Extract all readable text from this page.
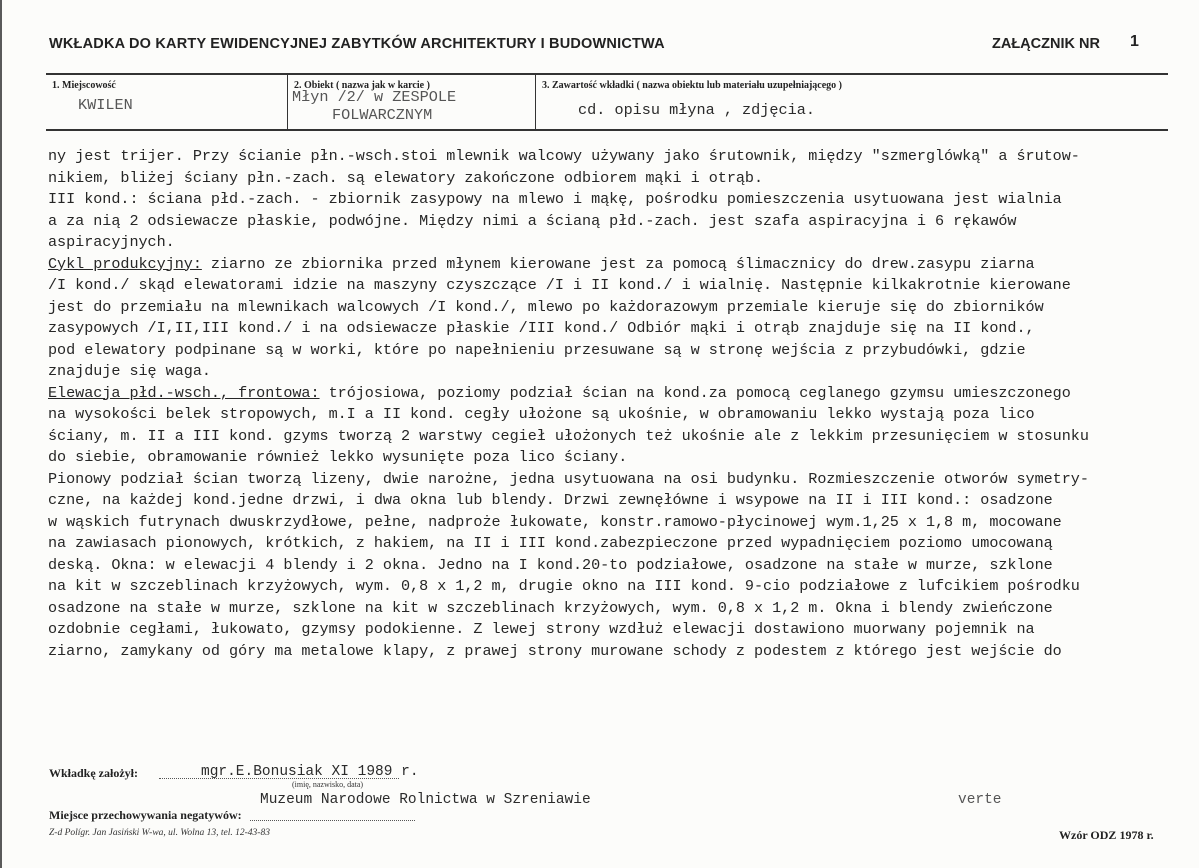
WKŁADKA DO KARTY EWIDENCYJNEJ ZABYTKÓW ARCHITEKTURY I BUDOWNICTWA	ZAŁĄCZNIK NR 1
1. Miejscowość
KWILEN
2. Obiekt ( nazwa jak w karcie )
Młyn /2/ w ZESPOLE
FOLWARCZNYM
3. Zawartość wkładki ( nazwa obiektu lub materiału uzupełniającego )
cd. opisu młyna , zdjęcia.
ny jest trijer. Przy ścianie płn.-wsch.stoi mlewnik walcowy używany jako śrutownik, między "szmerglówką" a śrutow-
nikiem, bliżej ściany płn.-zach. są elewatory zakończone odbiorem mąki i otrąb.
III kond.: ściana płd.-zach. - zbiornik zasypowy na mlewo i mąkę, pośrodku pomieszczenia usytuowana jest wialnia
a za nią 2 odsiewacze płaskie, podwójne. Między nimi a ścianą płd.-zach. jest szafa aspiracyjna i 6 rękawów
aspiracyjnych.
Cykl produkcyjny: ziarno ze zbiornika przed młynem kierowane jest za pomocą ślimacznicy do drew.zasypu ziarna
/I kond./ skąd elewatorami idzie na maszyny czyszczące /I i II kond./ i wialnię. Następnie kilkakrotnie kierowane
jest do przemiału na mlewnikach walcowych /I kond./, mlewo po każdorazowym przemiale kieruje się do zbiorników
zasypowych /I,II,III kond./ i na odsiewacze płaskie /III kond./ Odbiór mąki i otrąb znajduje się na II kond.,
pod elewatory podpinane są w worki, które po napełnieniu przesuwane są w stronę wejścia z przybudówki, gdzie
znajduje się waga.
Elewacja płd.-wsch., frontowa: trójosiowa, poziomy podział ścian na kond.za pomocą ceglanego gzymsu umieszczonego
na wysokości belek stropowych, m.I a II kond. cegły ułożone są ukośnie, w obramowaniu lekko wystają poza lico
ściany, m. II a III kond. gzyms tworzą 2 warstwy cegieł ułożonych też ukośnie ale z lekkim przesunięciem w stosunku
do siebie, obramowanie również lekko wysunięte poza lico ściany.
Pionowy podział ścian tworzą lizeny, dwie narożne, jedna usytuowana na osi budynku. Rozmieszczenie otworów symetry-
czne, na każdej kond.jedne drzwi, i dwa okna lub blendy. Drzwi zewnęłówne i wsypowe na II i III kond.: osadzone
w wąskich futrynach dwuskrzydłowe, pełne, nadproże łukowate, konstr.ramowo-płycinowej wym.1,25 x 1,8 m, mocowane
na zawiasach pionowych, krótkich, z hakiem, na II i III kond.zabezpieczone przed wypadnięciem poziomo umocowaną
deską. Okna: w elewacji 4 blendy i 2 okna. Jedno na I kond.20-to podziałowe, osadzone na stałe w murze, szklone
na kit w szczeblinach krzyżowych, wym. 0,8 x 1,2 m, drugie okno na III kond. 9-cio podziałowe z lufcikiem pośrodku
osadzone na stałe w murze, szklone na kit w szczeblinach krzyżowych, wym. 0,8 x 1,2 m. Okna i blendy zwieńczone
ozdobnie cegłami, łukowato, gzymsy podokienne. Z lewej strony wzdłuż elewacji dostawiono muorwany pojemnik na
ziarno, zamykany od góry ma metalowe klapy, z prawej strony murowane schody z podestem z którego jest wejście do
Wkładkę założył:	mgr.E.Bonusiak XI 1989 r.
(imię, nazwisko, data)
Muzeum Narodowe Rolnictwa w Szreniawie	verte
Miejsce przechowywania negatywów:
Z-d Polígr. Jan Jasiński W-wa, ul. Wolna 13, tel. 12-43-83	Wzór ODZ 1978 r.
